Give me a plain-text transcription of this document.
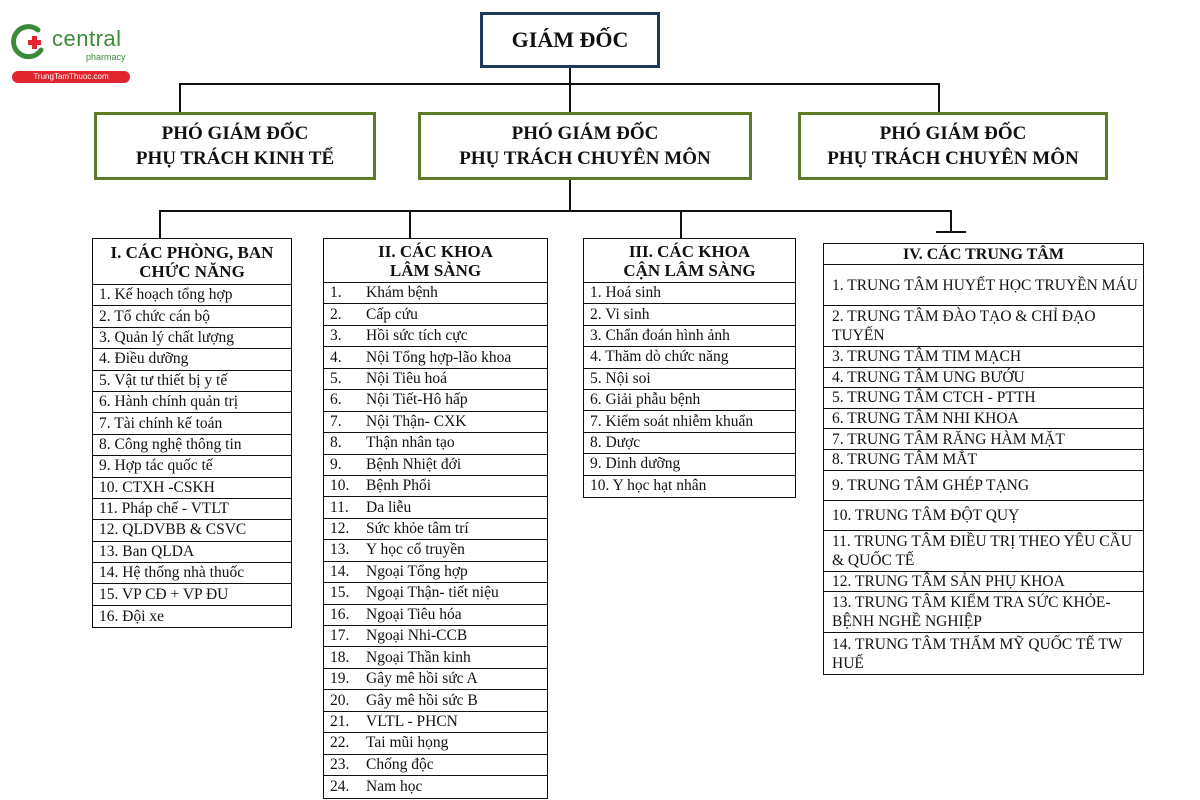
central
pharmacy
TrungTamThuoc.com
GIÁM ĐỐC
PHÓ GIÁM ĐỐC
PHỤ TRÁCH KINH TẾ
PHÓ GIÁM ĐỐC
PHỤ TRÁCH CHUYÊN MÔN
PHÓ GIÁM ĐỐC
PHỤ TRÁCH CHUYÊN MÔN
I. CÁC PHÒNG, BAN
CHỨC NĂNG
1. Kế hoạch tổng hợp
2. Tổ chức cán bộ
3. Quản lý chất lượng
4. Điều dưỡng
5. Vật tư thiết bị y tế
6. Hành chính quản trị
7. Tài chính kế toán
8. Công nghệ thông tin
9. Hợp tác quốc tế
10. CTXH -CSKH
11. Pháp chế - VTLT
12. QLDVBB & CSVC
13. Ban QLDA
14. Hệ thống nhà thuốc
15. VP CĐ + VP ĐU
16. Đội xe
II. CÁC KHOA
LÂM SÀNG
1.	Khám bệnh
2.	Cấp cứu
3.	Hồi sức tích cực
4.	Nội Tổng hợp-lão khoa
5.	Nội Tiêu hoá
6.	Nội Tiết-Hô hấp
7.	Nội Thận- CXK
8.	Thận nhân tạo
9.	Bệnh Nhiệt đới
10.	Bệnh Phổi
11.	Da liễu
12.	Sức khỏe tâm trí
13.	Y học cổ truyền
14.	Ngoại Tổng hợp
15.	Ngoại Thận- tiết niệu
16.	Ngoại Tiêu hóa
17.	Ngoại Nhi-CCB
18.	Ngoại Thần kinh
19.	Gây mê hồi sức A
20.	Gây mê hồi sức B
21.	VLTL - PHCN
22.	Tai mũi họng
23.	Chống độc
24.	Nam học
III. CÁC KHOA
CẬN LÂM SÀNG
1. Hoá sinh
2. Vi sinh
3. Chẩn đoán hình ảnh
4. Thăm dò chức năng
5. Nội soi
6. Giải phẫu bệnh
7. Kiểm soát nhiễm khuẩn
8. Dược
9. Dinh dưỡng
10. Y học hạt nhân
IV. CÁC TRUNG TÂM
1. TRUNG TÂM HUYẾT HỌC TRUYỀN MÁU
2. TRUNG TÂM ĐÀO TẠO & CHỈ ĐẠO TUYẾN
3. TRUNG TÂM TIM MẠCH
4. TRUNG TÂM UNG BƯỚU
5. TRUNG TÂM CTCH - PTTH
6. TRUNG TÂM NHI KHOA
7. TRUNG TÂM RĂNG HÀM MẶT
8. TRUNG TÂM MẮT
9. TRUNG TÂM GHÉP TẠNG
10. TRUNG TÂM ĐỘT QUỴ
11. TRUNG TÂM ĐIỀU TRỊ THEO YÊU CẦU & QUỐC TẾ
12. TRUNG TÂM SẢN PHỤ KHOA
13. TRUNG TÂM KIỂM TRA SỨC KHỎE-BỆNH NGHỀ NGHIỆP
14. TRUNG TÂM THẨM MỸ QUỐC TẾ TW HUẾ
